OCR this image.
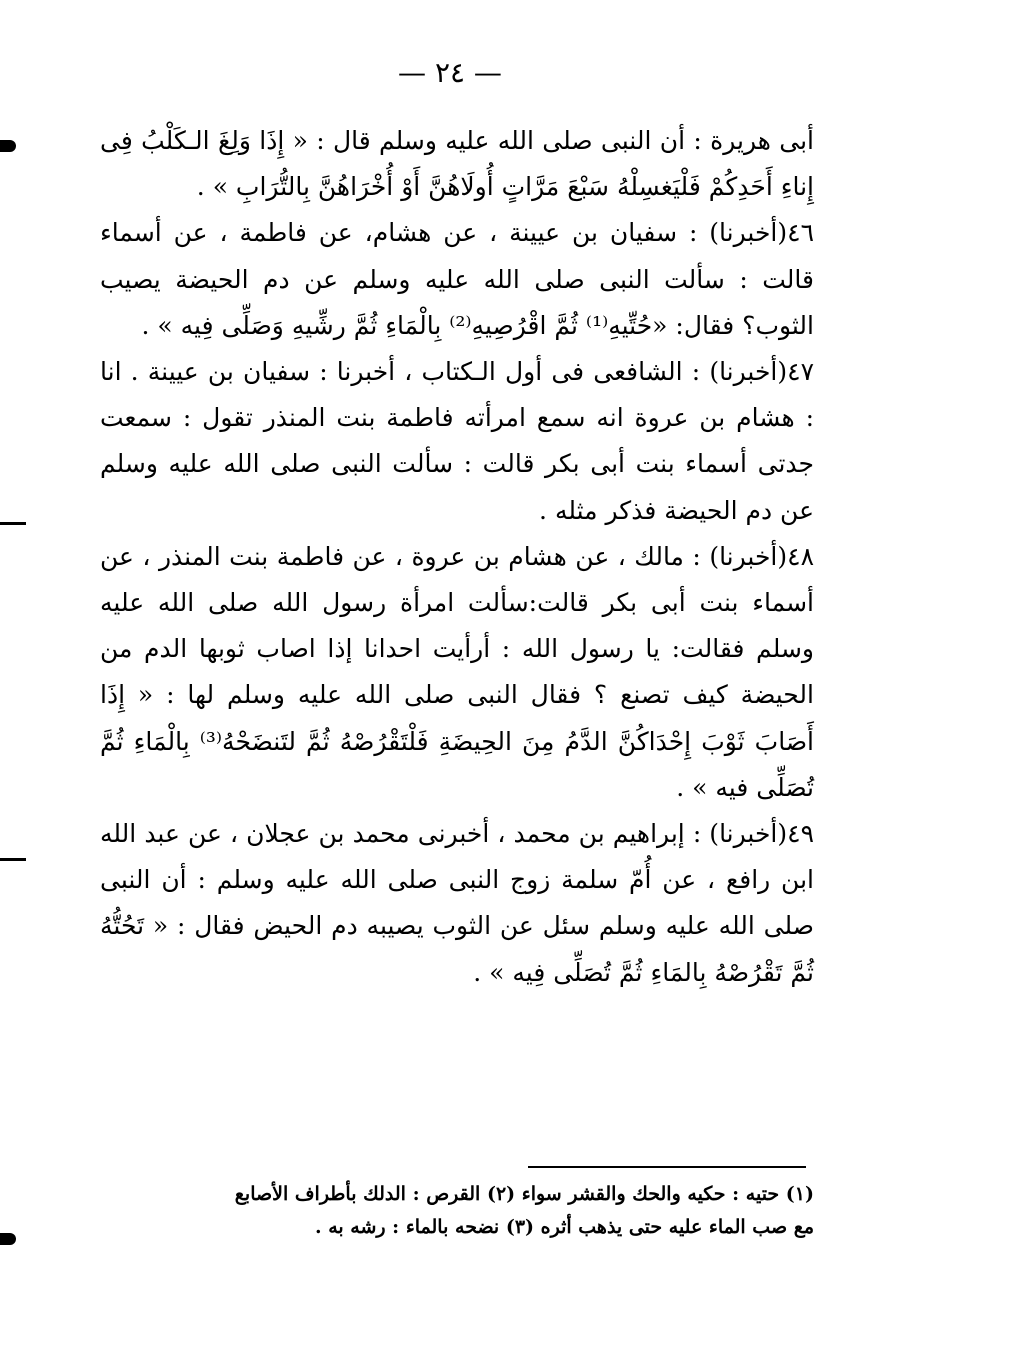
— ٢٤ —

أبى هريرة : أن النبى صلى الله عليه وسلم قال : « إِذَا وَلِغَ الـكَلْبُ فِى إِناءِ أَحَدِكُمْ فَلْيَغسِلْهُ سَبْعَ مَرَّاتٍ أُولَاهُنَّ أَوْ أُخْرَاهُنَّ بِالتُّرَابِ » .

٤٦(أخبرنا) : سفيان بن عيينة ، عن هشام، عن فاطمة ، عن أسماء قالت : سألت النبى صلى الله عليه وسلم عن دم الحيضة يصيب الثوب؟ فقال: «حُتِّيهِ⁽¹⁾ ثُمَّ اقْرُصِيهِ⁽²⁾ بِالْمَاءِ ثُمَّ رشِّيهِ وَصَلِّى فِيه » .

٤٧(أخبرنا) : الشافعى فى أول الـكتاب ، أخبرنا : سفيان بن عيينة . انا : هشام بن عروة انه سمع امرأته فاطمة بنت المنذر تقول : سمعت جدتى أسماء بنت أبى بكر قالت : سألت النبى صلى الله عليه وسلم عن دم الحيضة فذكر مثله .

٤٨(أخبرنا) : مالك ، عن هشام بن عروة ، عن فاطمة بنت المنذر ، عن أسماء بنت أبى بكر قالت:سألت امرأة رسول الله صلى الله عليه وسلم فقالت: يا رسول الله : أرأيت احدانا إذا اصاب ثوبها الدم من الحيضة كيف تصنع ؟ فقال النبى صلى الله عليه وسلم لها : « إِذَا أَصَابَ ثَوْبَ إِحْدَاكُنَّ الدَّمُ مِنَ الحِيضَةِ فَلْتَقْرُصْهُ ثُمَّ لتَنضَحْهُ⁽³⁾ بِالْمَاءِ ثُمَّ تُصَلِّى فيه » .

٤٩(أخبرنا) : إبراهيم بن محمد ، أخبرنى محمد بن عجلان ، عن عبد الله ابن رافع ، عن أُمّ سلمة زوج النبى صلى الله عليه وسلم : أن النبى صلى الله عليه وسلم سئل عن الثوب يصيبه دم الحيض فقال : « تَحُتُّهُ ثُمَّ تَقْرُصْهُ بِالمَاءِ ثُمَّ تُصَلِّى فِيه » .

(١) حتيه : حكيه والحك والقشر سواء (٢) القرص : الدلك بأطراف الأصابع

مع صب الماء عليه حتى يذهب أثره (٣) نضحه بالماء : رشه به .
